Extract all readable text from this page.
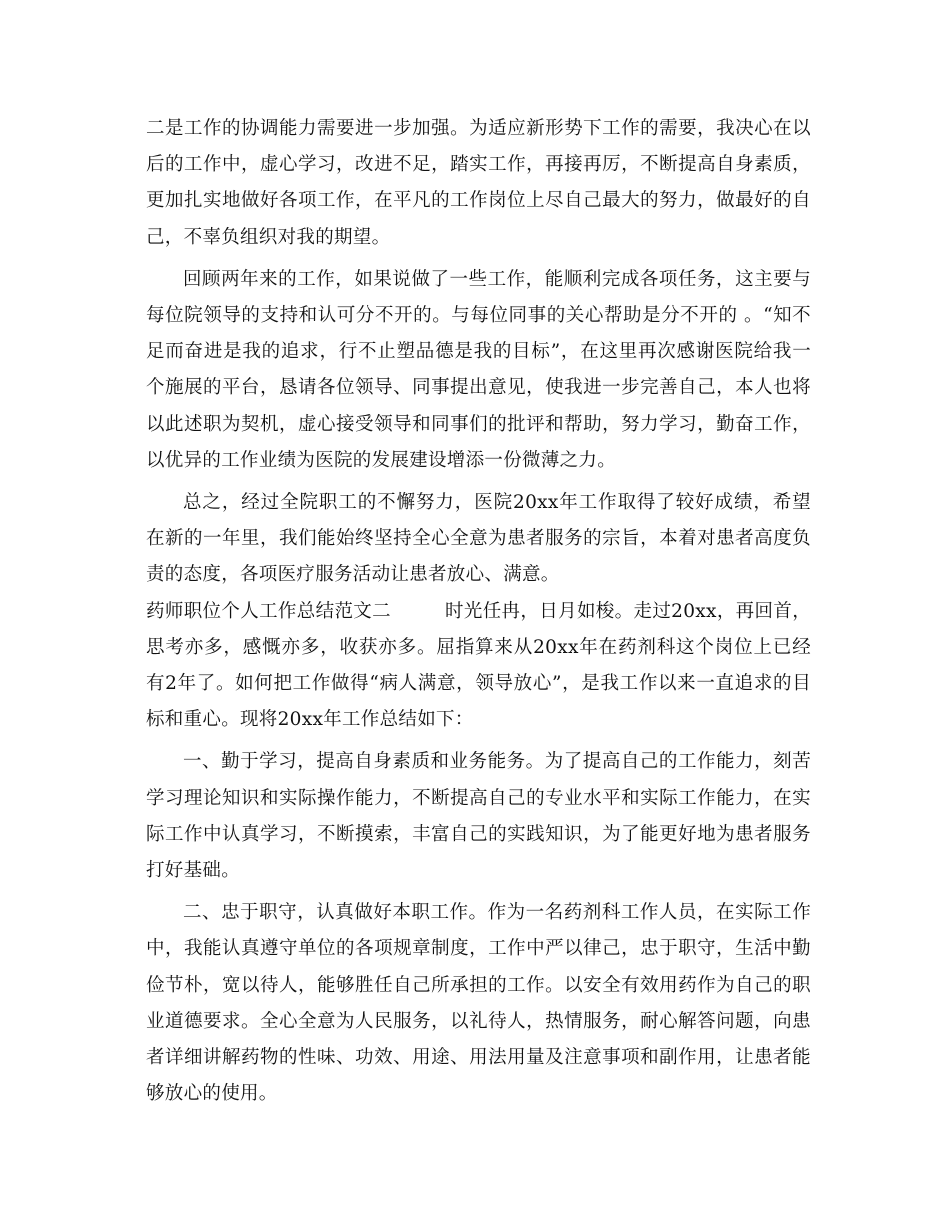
二是工作的协调能力需要进一步加强。为适应新形势下工作的需要，我决心在以后的工作中，虚心学习，改进不足，踏实工作，再接再厉，不断提高自身素质，更加扎实地做好各项工作，在平凡的工作岗位上尽自己最大的努力，做最好的自己，不辜负组织对我的期望。

回顾两年来的工作，如果说做了一些工作，能顺利完成各项任务，这主要与每位院领导的支持和认可分不开的。与每位同事的关心帮助是分不开的 。“知不足而奋进是我的追求，行不止塑品德是我的目标”，在这里再次感谢医院给我一个施展的平台，恳请各位领导、同事提出意见，使我进一步完善自己，本人也将以此述职为契机，虚心接受领导和同事们的批评和帮助，努力学习，勤奋工作，以优异的工作业绩为医院的发展建设增添一份微薄之力。

总之，经过全院职工的不懈努力，医院20xx年工作取得了较好成绩，希望在新的一年里，我们能始终坚持全心全意为患者服务的宗旨，本着对患者高度负责的态度，各项医疗服务活动让患者放心、满意。

药师职位个人工作总结范文二	时光任冉，日月如梭。走过20xx，再回首，思考亦多，感慨亦多，收获亦多。屈指算来从20xx年在药剂科这个岗位上已经有2年了。如何把工作做得“病人满意，领导放心”，是我工作以来一直追求的目标和重心。现将20xx年工作总结如下：

一、勤于学习，提高自身素质和业务能务。为了提高自己的工作能力，刻苦学习理论知识和实际操作能力，不断提高自己的专业水平和实际工作能力，在实际工作中认真学习，不断摸索，丰富自己的实践知识，为了能更好地为患者服务打好基础。

二、忠于职守，认真做好本职工作。作为一名药剂科工作人员，在实际工作中，我能认真遵守单位的各项规章制度，工作中严以律己，忠于职守，生活中勤俭节朴，宽以待人，能够胜任自己所承担的工作。以安全有效用药作为自己的职业道德要求。全心全意为人民服务，以礼待人，热情服务，耐心解答问题，向患者详细讲解药物的性味、功效、用途、用法用量及注意事项和副作用，让患者能够放心的使用。
